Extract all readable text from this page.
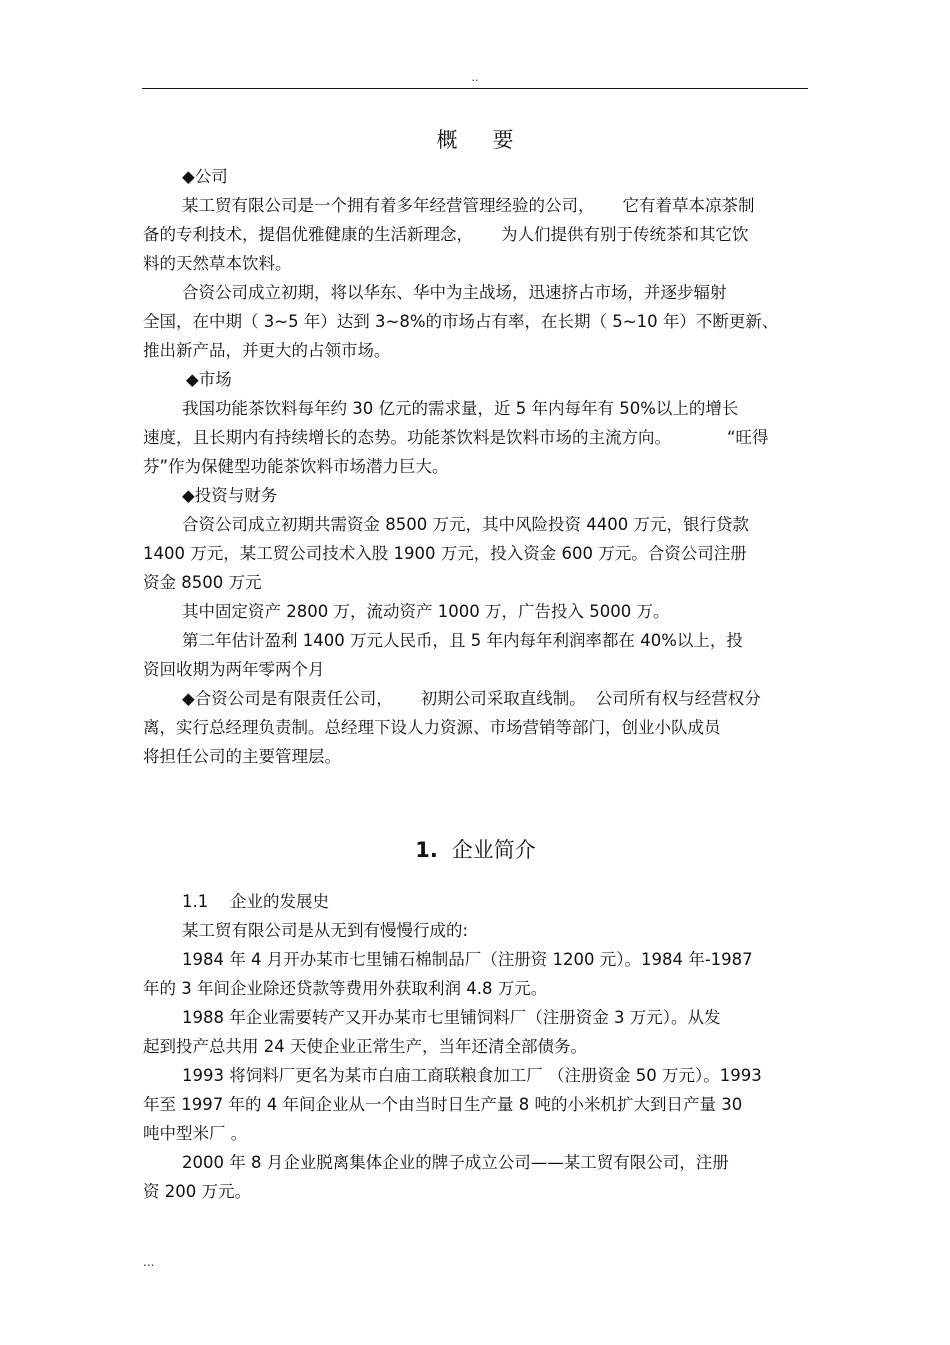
..
概 要

◆公司

某工贸有限公司是一个拥有着多年经营管理经验的公司， 它有着草本凉茶制

备的专利技术，提倡优雅健康的生活新理念， 为人们提供有别于传统茶和其它饮

料的天然草本饮料。

合资公司成立初期，将以华东、华中为主战场，迅速挤占市场，并逐步辐射

全国，在中期（ 3~5 年）达到 3~8%的市场占有率，在长期（ 5~10 年）不断更新、

推出新产品，并更大的占领市场。

◆市场

我国功能茶饮料每年约 30 亿元的需求量，近 5 年内每年有 50%以上的增长

速度，且长期内有持续增长的态势。功能茶饮料是饮料市场的主流方向。	“旺得

芬”作为保健型功能茶饮料市场潜力巨大。

◆投资与财务

合资公司成立初期共需资金 8500 万元，其中风险投资 4400 万元，银行贷款

1400 万元，某工贸公司技术入股 1900 万元，投入资金 600 万元。合资公司注册

资金 8500 万元

其中固定资产 2800 万，流动资产 1000 万，广告投入 5000 万。

第二年估计盈利 1400 万元人民币，且 5 年内每年利润率都在 40%以上，投

资回收期为两年零两个月

◆合资公司是有限责任公司， 初期公司采取直线制。 公司所有权与经营权分

离，实行总经理负责制。总经理下设人力资源、市场营销等部门，创业小队成员

将担任公司的主要管理层。

1. 企业简介

1.1 企业的发展史

某工贸有限公司是从无到有慢慢行成的:

1984 年 4 月开办某市七里铺石棉制品厂（注册资 1200 元）。1984 年-1987

年的 3 年间企业除还贷款等费用外获取利润 4.8 万元。

1988 年企业需要转产又开办某市七里铺饲料厂（注册资金 3 万元）。从发

起到投产总共用 24 天使企业正常生产，当年还清全部债务。

1993 将饲料厂更名为某市白庙工商联粮食加工厂 （注册资金 50 万元）。1993

年至 1997 年的 4 年间企业从一个由当时日生产量 8 吨的小米机扩大到日产量 30

吨中型米厂 。

2000 年 8 月企业脱离集体企业的牌子成立公司——某工贸有限公司，注册

资 200 万元。

...
